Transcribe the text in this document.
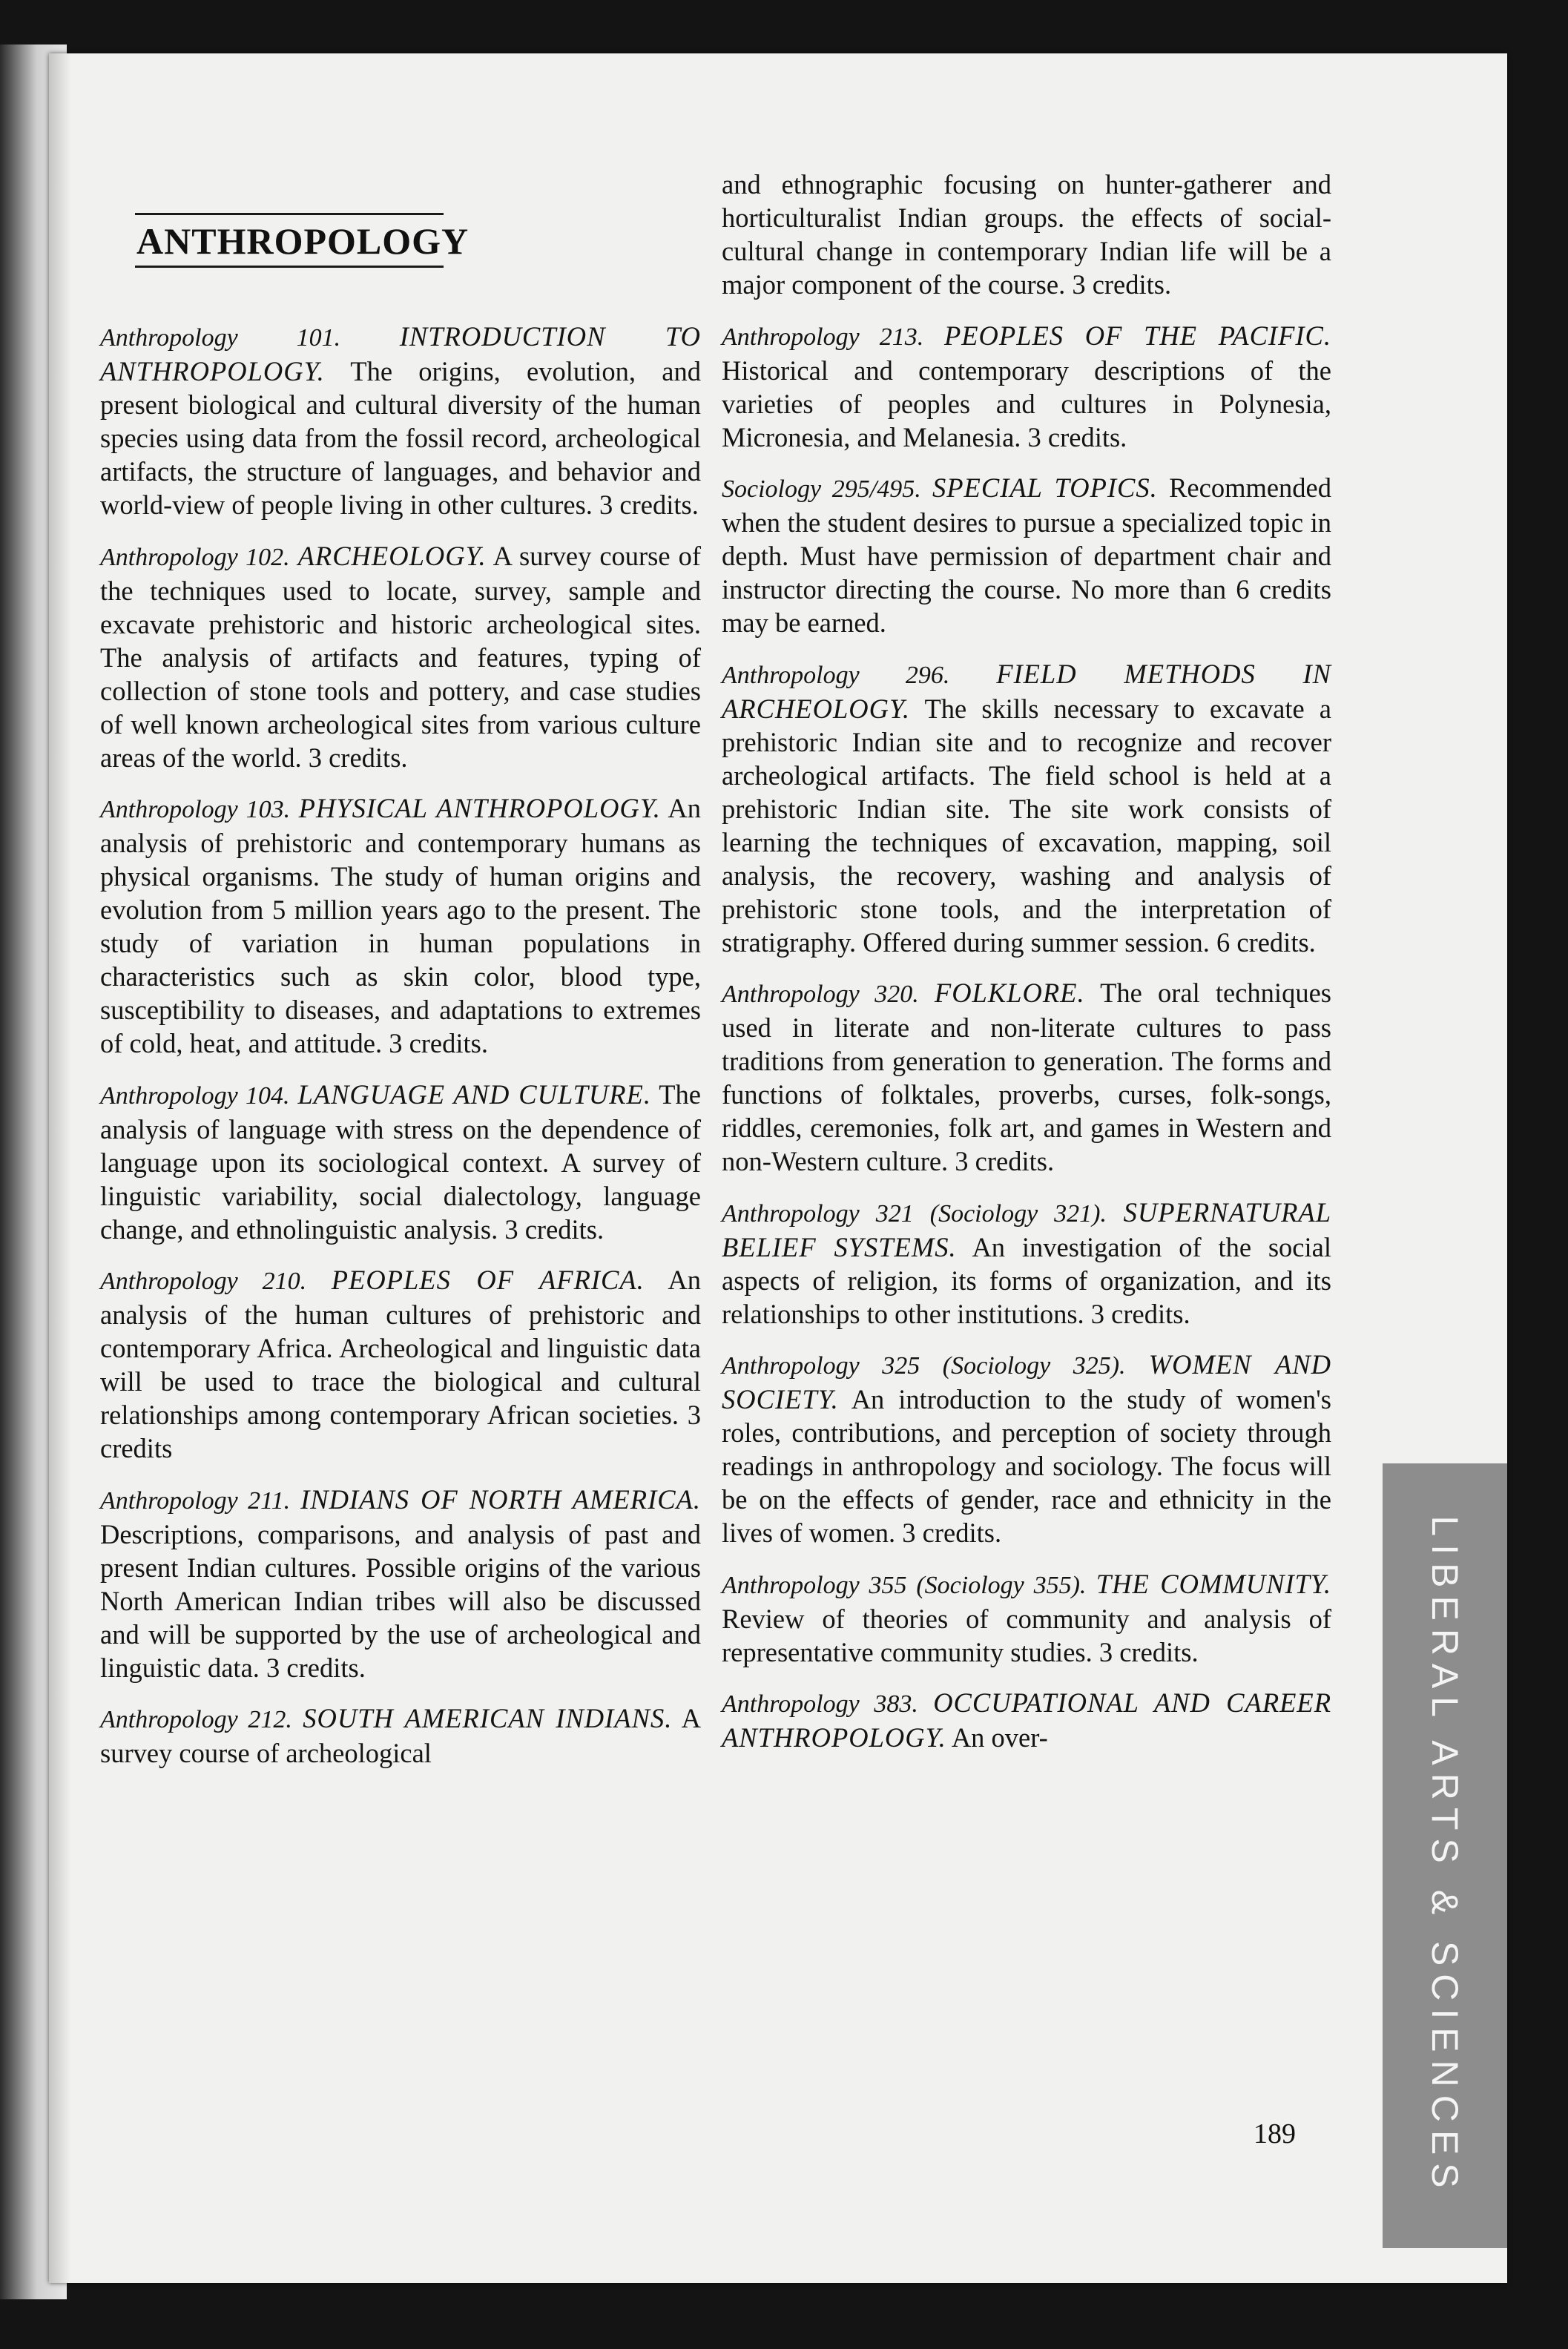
ANTHROPOLOGY

Anthropology 101. INTRODUCTION TO ANTHROPOLOGY. The origins, evolution, and present biological and cultural diversity of the human species using data from the fossil record, archeological artifacts, the structure of languages, and behavior and world-view of people living in other cultures. 3 credits.

Anthropology 102. ARCHEOLOGY. A survey course of the techniques used to locate, survey, sample and excavate prehistoric and historic archeological sites. The analysis of artifacts and features, typing of collection of stone tools and pottery, and case studies of well known archeological sites from various culture areas of the world. 3 credits.

Anthropology 103. PHYSICAL ANTHROPOLOGY. An analysis of prehistoric and contemporary humans as physical organisms. The study of human origins and evolution from 5 million years ago to the present. The study of variation in human populations in characteristics such as skin color, blood type, susceptibility to diseases, and adaptations to extremes of cold, heat, and attitude. 3 credits.

Anthropology 104. LANGUAGE AND CULTURE. The analysis of language with stress on the dependence of language upon its sociological context. A survey of linguistic variability, social dialectology, language change, and ethnolinguistic analysis. 3 credits.

Anthropology 210. PEOPLES OF AFRICA. An analysis of the human cultures of prehistoric and contemporary Africa. Archeological and linguistic data will be used to trace the biological and cultural relationships among contemporary African societies. 3 credits

Anthropology 211. INDIANS OF NORTH AMERICA. Descriptions, comparisons, and analysis of past and present Indian cultures. Possible origins of the various North American Indian tribes will also be discussed and will be supported by the use of archeological and linguistic data. 3 credits.

Anthropology 212. SOUTH AMERICAN INDIANS. A survey course of archeological

and ethnographic focusing on hunter-gatherer and horticulturalist Indian groups. the effects of social-cultural change in contemporary Indian life will be a major component of the course. 3 credits.

Anthropology 213. PEOPLES OF THE PACIFIC. Historical and contemporary descriptions of the varieties of peoples and cultures in Polynesia, Micronesia, and Melanesia. 3 credits.

Sociology 295/495. SPECIAL TOPICS. Recommended when the student desires to pursue a specialized topic in depth. Must have permission of department chair and instructor directing the course. No more than 6 credits may be earned.

Anthropology 296. FIELD METHODS IN ARCHEOLOGY. The skills necessary to excavate a prehistoric Indian site and to recognize and recover archeological artifacts. The field school is held at a prehistoric Indian site. The site work consists of learning the techniques of excavation, mapping, soil analysis, the recovery, washing and analysis of prehistoric stone tools, and the interpretation of stratigraphy. Offered during summer session. 6 credits.

Anthropology 320. FOLKLORE. The oral techniques used in literate and non-literate cultures to pass traditions from generation to generation. The forms and functions of folktales, proverbs, curses, folk-songs, riddles, ceremonies, folk art, and games in Western and non-Western culture. 3 credits.

Anthropology 321 (Sociology 321). SUPERNATURAL BELIEF SYSTEMS. An investigation of the social aspects of religion, its forms of organization, and its relationships to other institutions. 3 credits.

Anthropology 325 (Sociology 325). WOMEN AND SOCIETY. An introduction to the study of women's roles, contributions, and perception of society through readings in anthropology and sociology. The focus will be on the effects of gender, race and ethnicity in the lives of women. 3 credits.

Anthropology 355 (Sociology 355). THE COMMUNITY. Review of theories of community and analysis of representative community studies. 3 credits.

Anthropology 383. OCCUPATIONAL AND CAREER ANTHROPOLOGY. An over-	LIBERAL ARTS & SCIENCES
189
